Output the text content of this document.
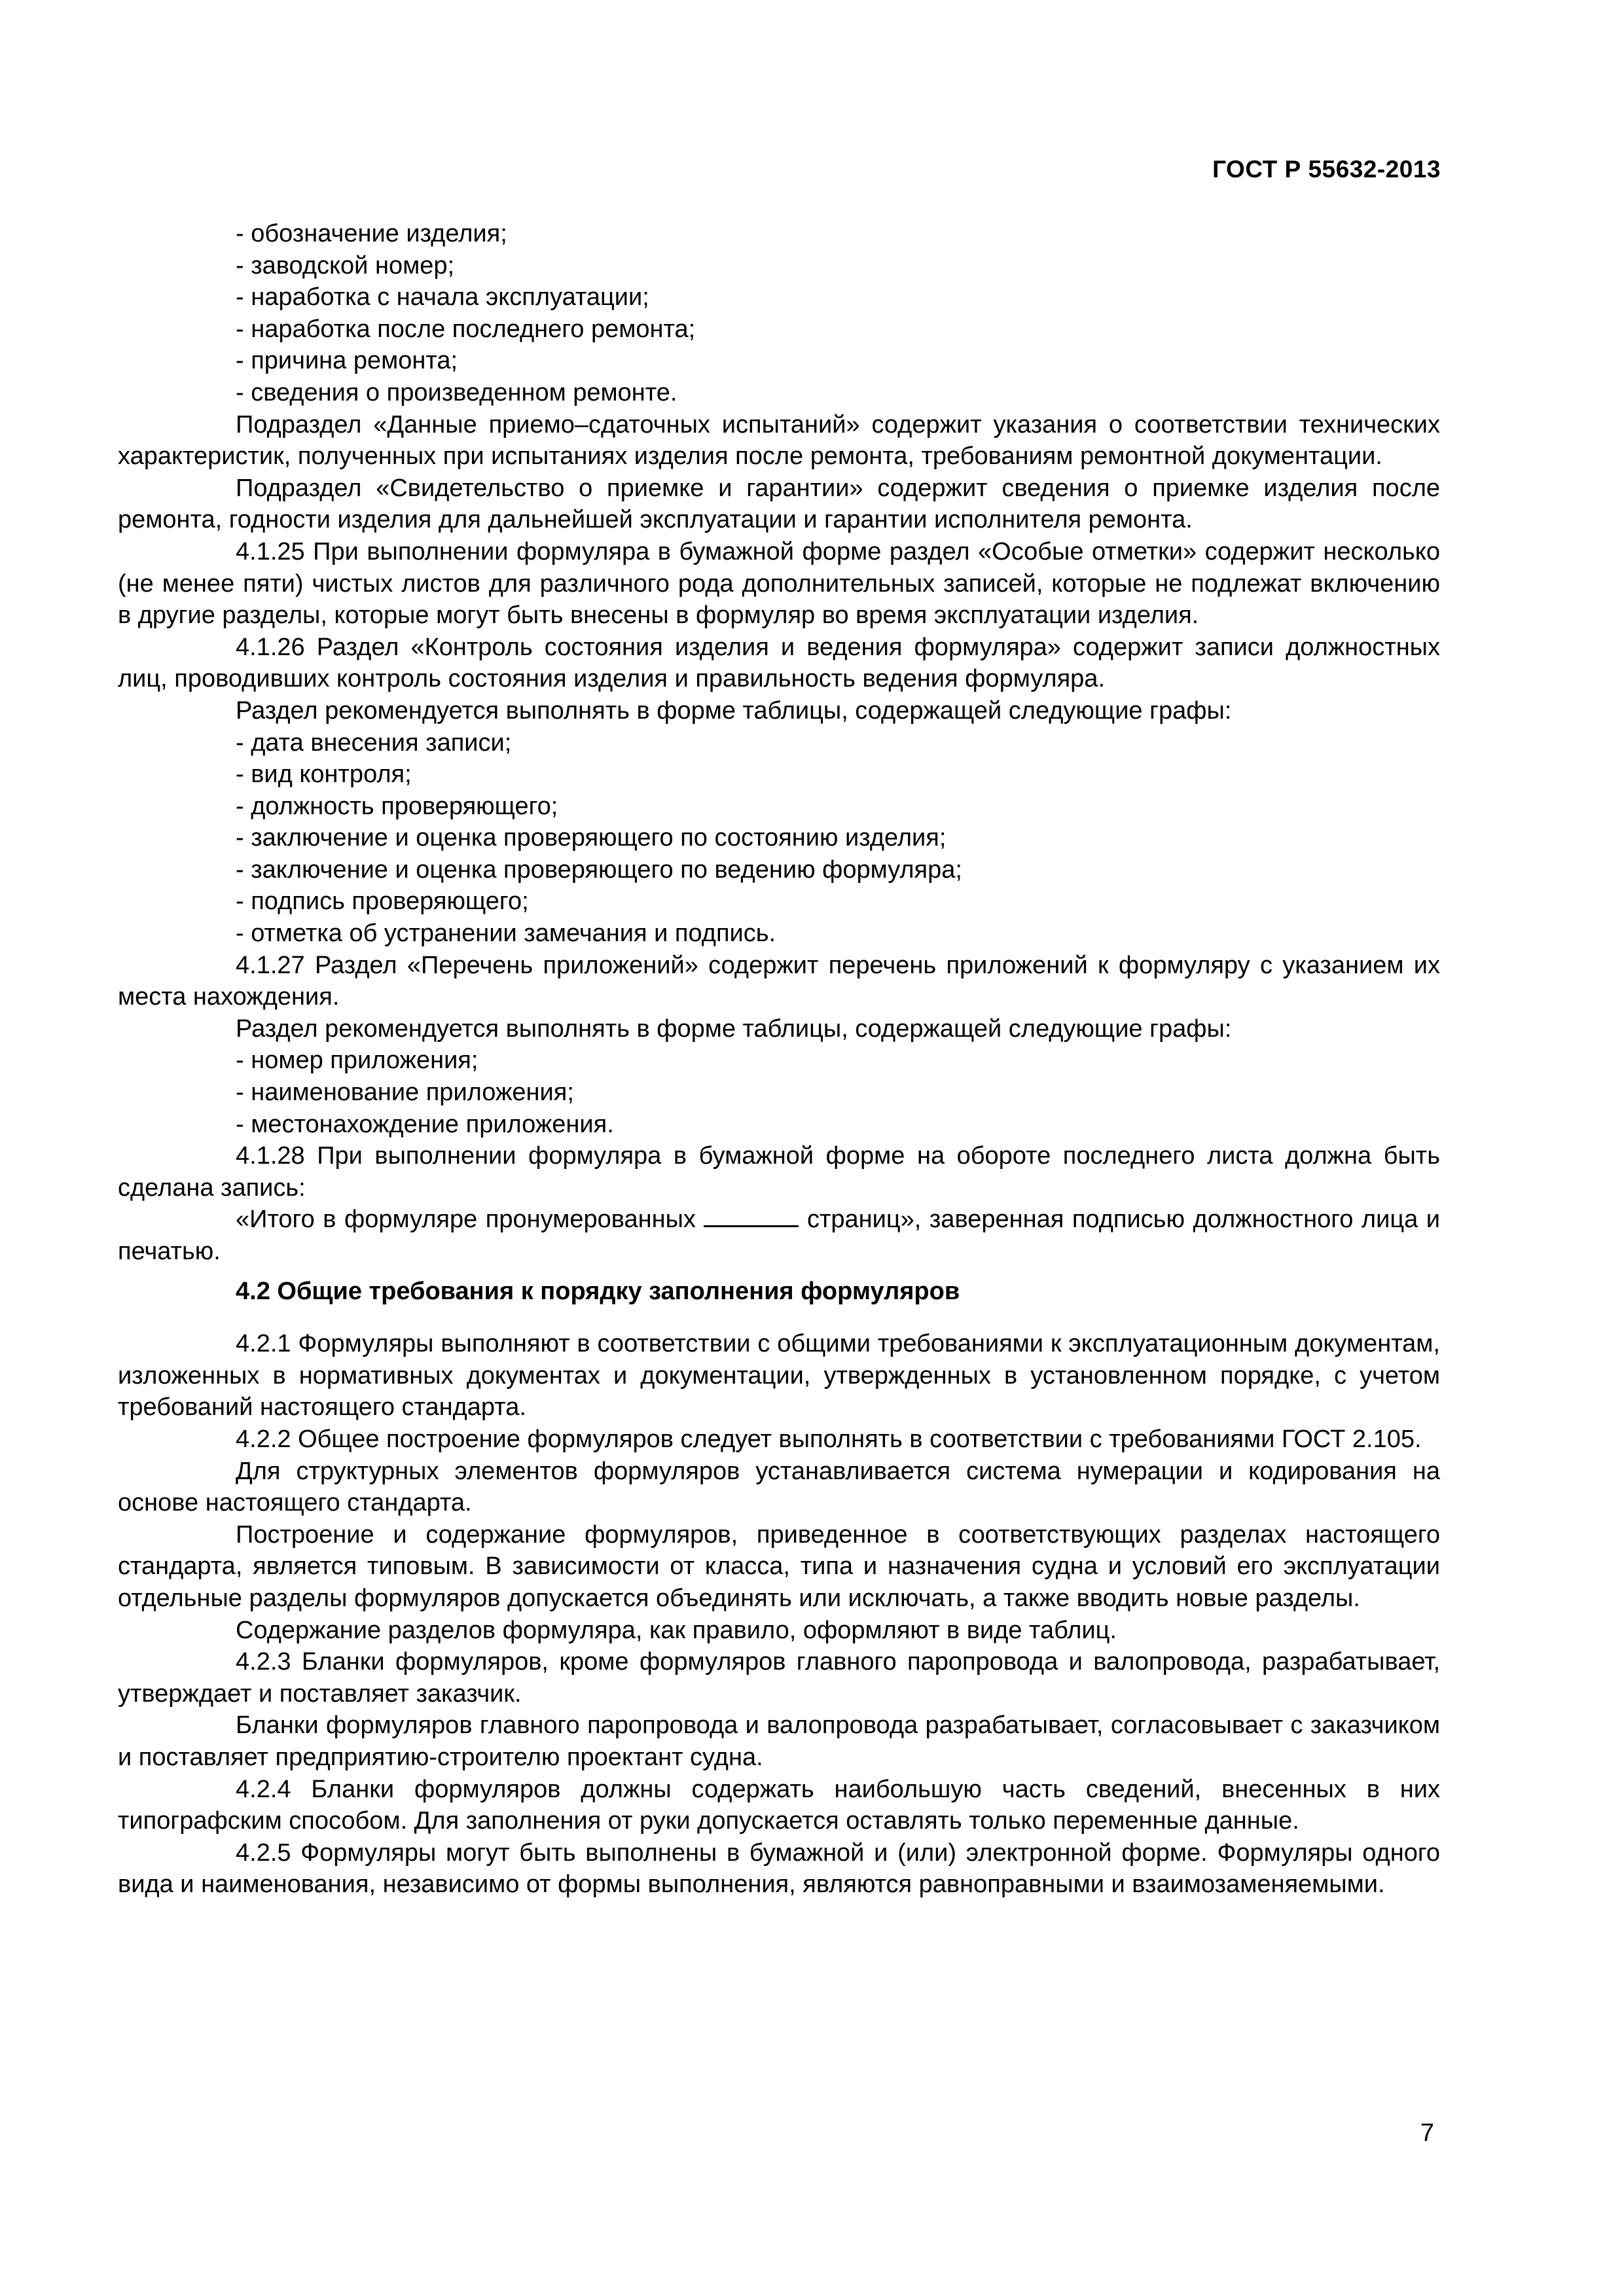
ГОСТ Р 55632-2013
- обозначение изделия;
- заводской номер;
- наработка с начала эксплуатации;
- наработка после последнего ремонта;
- причина ремонта;
- сведения о произведенном ремонте.

Подраздел «Данные приемо–сдаточных испытаний» содержит указания о соответствии технических характеристик, полученных при испытаниях изделия после ремонта, требованиям ремонтной документации.

Подраздел «Свидетельство о приемке и гарантии» содержит сведения о приемке изделия после ремонта, годности изделия для дальнейшей эксплуатации и гарантии исполнителя ремонта.

4.1.25 При выполнении формуляра в бумажной форме раздел «Особые отметки» содержит несколько (не менее пяти) чистых листов для различного рода дополнительных записей, которые не подлежат включению в другие разделы, которые могут быть внесены в формуляр во время эксплуатации изделия.

4.1.26 Раздел «Контроль состояния изделия и ведения формуляра» содержит записи должностных лиц, проводивших контроль состояния изделия и правильность ведения формуляра.

Раздел рекомендуется выполнять в форме таблицы, содержащей следующие графы:

- дата внесения записи;
- вид контроля;
- должность проверяющего;
- заключение и оценка проверяющего по состоянию изделия;
- заключение и оценка проверяющего по ведению формуляра;
- подпись проверяющего;
- отметка об устранении замечания и подпись.

4.1.27 Раздел «Перечень приложений» содержит перечень приложений к формуляру с указанием их места нахождения.

Раздел рекомендуется выполнять в форме таблицы, содержащей следующие графы:

- номер приложения;
- наименование приложения;
- местонахождение приложения.

4.1.28 При выполнении формуляра в бумажной форме на обороте последнего листа должна быть сделана запись:

«Итого в формуляре пронумерованных	страниц», заверенная подписью должностного лица и печатью.

4.2 Общие требования к порядку заполнения формуляров

4.2.1 Формуляры выполняют в соответствии с общими требованиями к эксплуатационным документам, изложенных в нормативных документах и документации, утвержденных в установленном порядке, с учетом требований настоящего стандарта.

4.2.2 Общее построение формуляров следует выполнять в соответствии с требованиями ГОСТ 2.105.

Для структурных элементов формуляров устанавливается система нумерации и кодирования на основе настоящего стандарта.

Построение и содержание формуляров, приведенное в соответствующих разделах настоящего стандарта, является типовым. В зависимости от класса, типа и назначения судна и условий его эксплуатации отдельные разделы формуляров допускается объединять или исключать, а также вводить новые разделы.

Содержание разделов формуляра, как правило, оформляют в виде таблиц.

4.2.3 Бланки формуляров, кроме формуляров главного паропровода и валопровода, разрабатывает, утверждает и поставляет заказчик.

Бланки формуляров главного паропровода и валопровода разрабатывает, согласовывает с заказчиком и поставляет предприятию-строителю проектант судна.

4.2.4 Бланки формуляров должны содержать наибольшую часть сведений, внесенных в них типографским способом. Для заполнения от руки допускается оставлять только переменные данные.

4.2.5 Формуляры могут быть выполнены в бумажной и (или) электронной форме. Формуляры одного вида и наименования, независимо от формы выполнения, являются равноправными и взаимозаменяемыми.

7
